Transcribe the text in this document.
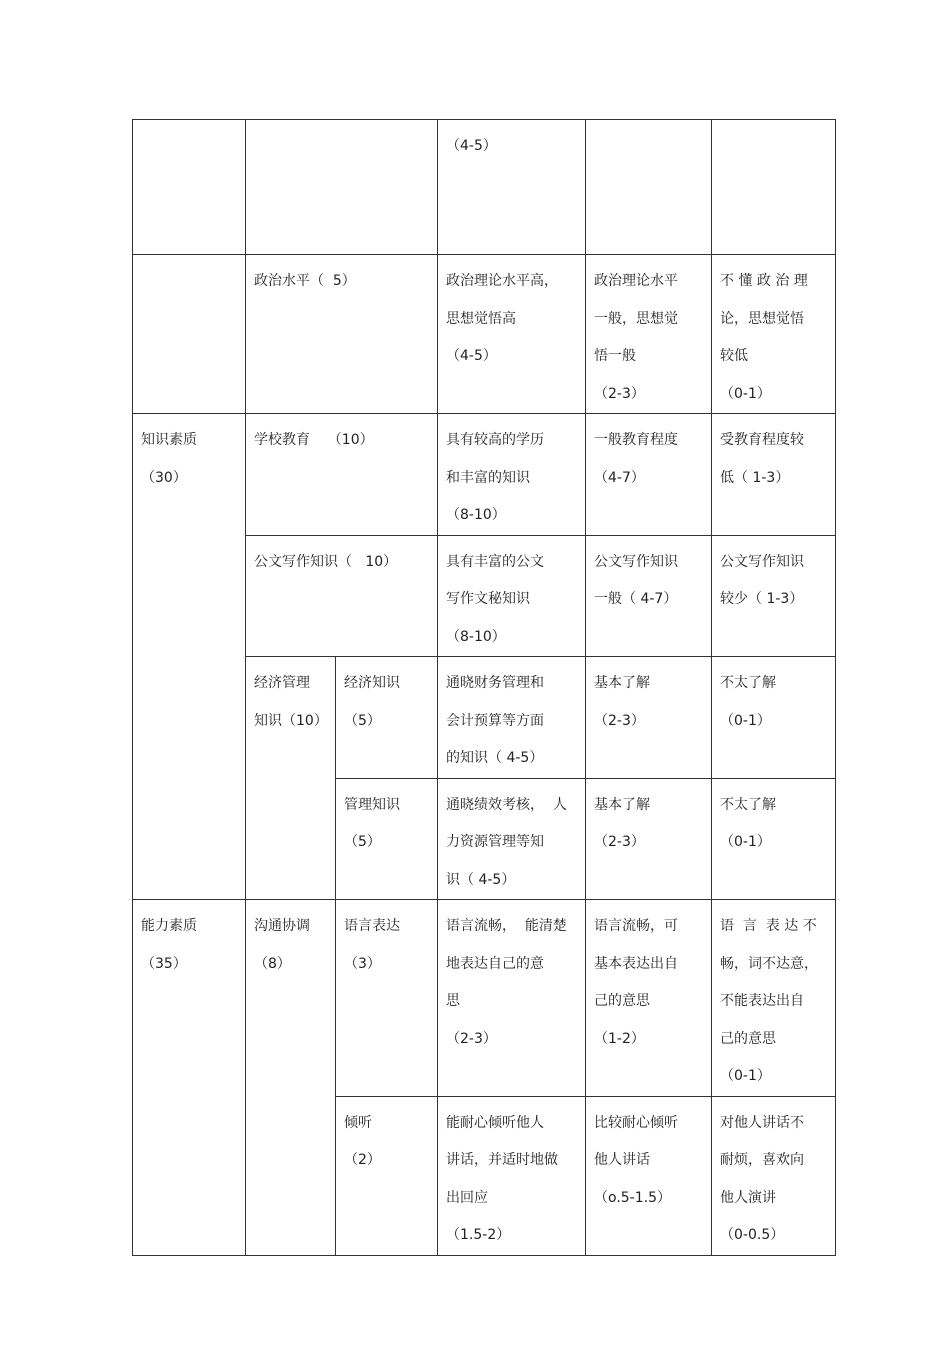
			（4-5）		
	政治水平（  5）		政治理论水平高，
思想觉悟高
（4-5）	政治理论水平
一般，思想觉
悟一般
（2-3）	不 懂 政 治 理
论，思想觉悟
较低
（0-1）
知识素质
（30）	学校教育    （10）		具有较高的学历
和丰富的知识
（8-10）	一般教育程度
（4-7）	受教育程度较
低（ 1-3）
	公文写作知识（   10）		具有丰富的公文
写作文秘知识
（8-10）	公文写作知识
一般（ 4-7）	公文写作知识
较少（ 1-3）
	经济管理
知识（10）	经济知识
（5）	通晓财务管理和
会计预算等方面
的知识（ 4-5）	基本了解
（2-3）	不太了解
（0-1）
		管理知识
（5）	通晓绩效考核，  人
力资源管理等知
识（ 4-5）	基本了解
（2-3）	不太了解
（0-1）
能力素质
（35）	沟通协调
（8）	语言表达
（3）	语言流畅，  能清楚
地表达自己的意
思
（2-3）	语言流畅，可
基本表达出自
己的意思
（1-2）	语  言  表 达 不
畅，词不达意，
不能表达出自
己的意思
（0-1）
		倾听
（2）	能耐心倾听他人
讲话，并适时地做
出回应
（1.5-2）	比较耐心倾听
他人讲话
（o.5-1.5）	对他人讲话不
耐烦，喜欢向
他人演讲
（0-0.5）
